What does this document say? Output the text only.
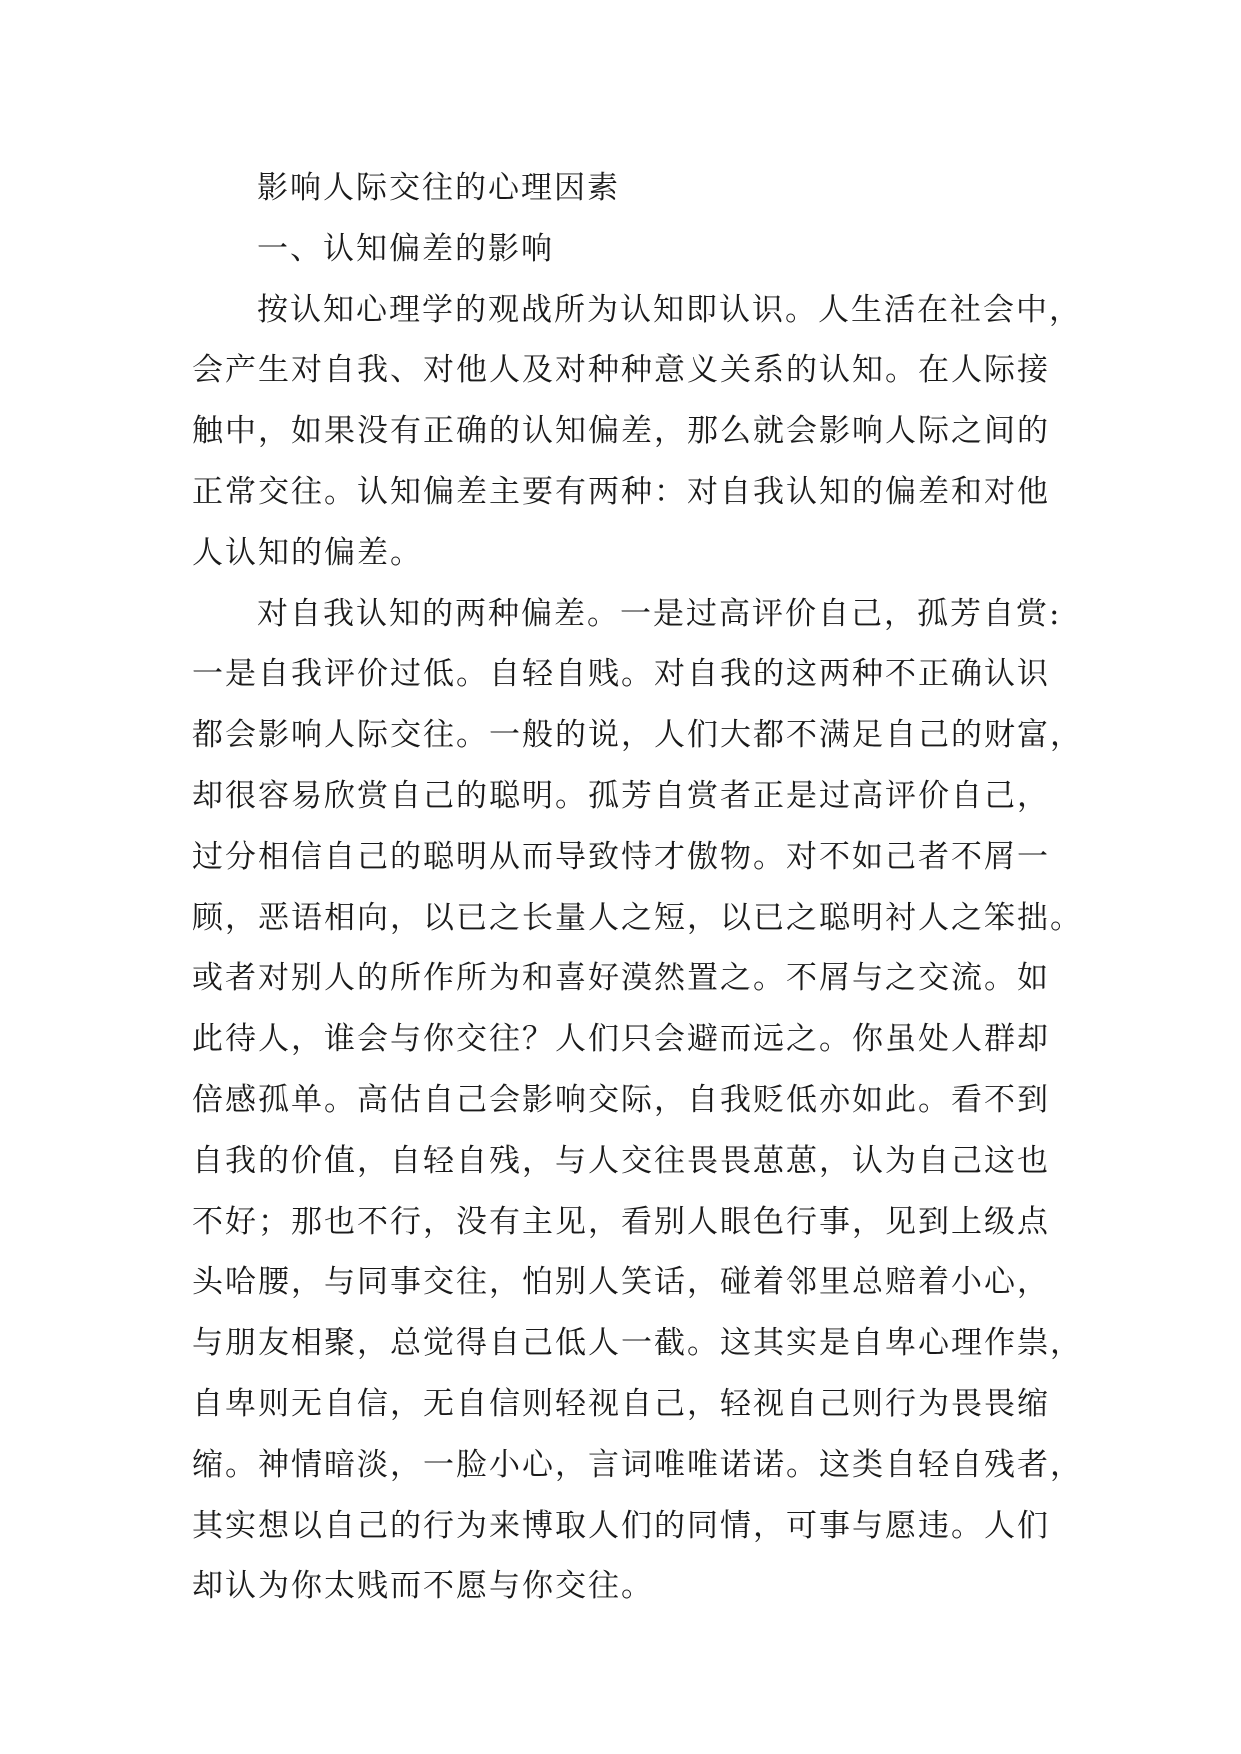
影响人际交往的心理因素
一、认知偏差的影响
按认知心理学的观战所为认知即认识。人生活在社会中，
会产生对自我、对他人及对种种意义关系的认知。在人际接
触中，如果没有正确的认知偏差，那么就会影响人际之间的
正常交往。认知偏差主要有两种：对自我认知的偏差和对他
人认知的偏差。
对自我认知的两种偏差。一是过高评价自己，孤芳自赏:
一是自我评价过低。自轻自贱。对自我的这两种不正确认识
都会影响人际交往。一般的说，人们大都不满足自己的财富，
却很容易欣赏自己的聪明。孤芳自赏者正是过高评价自己，
过分相信自己的聪明从而导致恃才傲物。对不如己者不屑一
顾，恶语相向，以已之长量人之短，以已之聪明衬人之笨拙。
或者对别人的所作所为和喜好漠然置之。不屑与之交流。如
此待人，谁会与你交往？人们只会避而远之。你虽处人群却
倍感孤单。高估自己会影响交际，自我贬低亦如此。看不到
自我的价值，自轻自残，与人交往畏畏葸葸，认为自己这也
不好；那也不行，没有主见，看别人眼色行事，见到上级点
头哈腰，与同事交往，怕别人笑话，碰着邻里总赔着小心，
与朋友相聚，总觉得自己低人一截。这其实是自卑心理作祟，
自卑则无自信，无自信则轻视自己，轻视自己则行为畏畏缩
缩。神情暗淡，一脸小心，言词唯唯诺诺。这类自轻自残者，
其实想以自己的行为来博取人们的同情，可事与愿违。人们
却认为你太贱而不愿与你交往。
